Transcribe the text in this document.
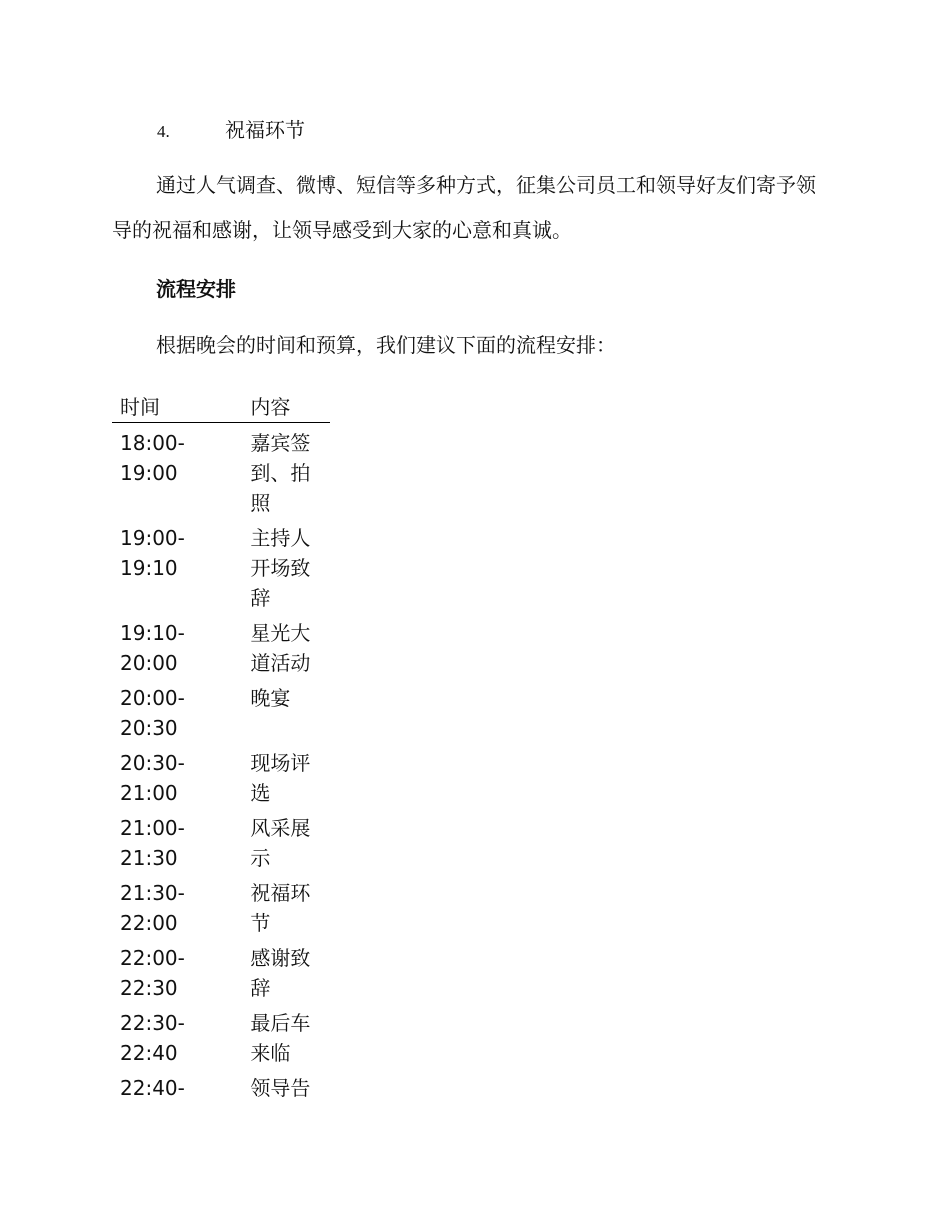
4.	祝福环节

通过人气调查、微博、短信等多种方式，征集公司员工和领导好友们寄予领导的祝福和感谢，让领导感受到大家的心意和真诚。

流程安排

根据晚会的时间和预算，我们建议下面的流程安排：

时间	内容
18:00-19:00	嘉宾签到、拍照
19:00-19:10	主持人开场致辞
19:10-20:00	星光大道活动
20:00-20:30	晚宴
20:30-21:00	现场评选
21:00-21:30	风采展示
21:30-22:00	祝福环节
22:00-22:30	感谢致辞
22:30-22:40	最后车来临
22:40-	领导告
